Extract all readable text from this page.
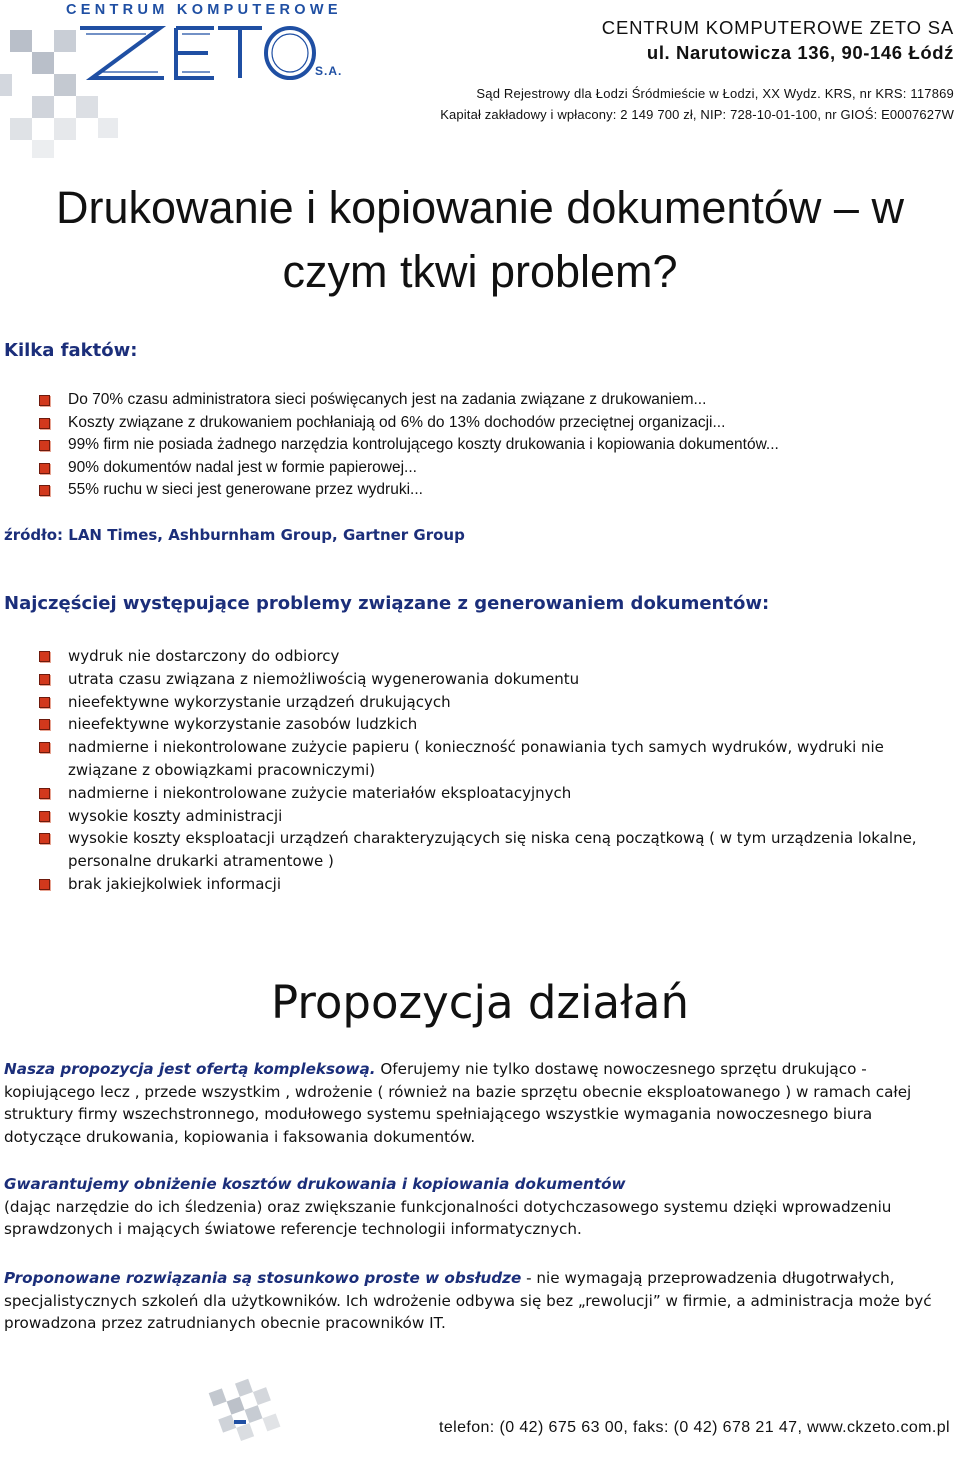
CENTRUM KOMPUTEROWE
S.A.
CENTRUM KOMPUTEROWE ZETO SA
ul. Narutowicza 136, 90-146 Łódź
Sąd Rejestrowy dla Łodzi Śródmieście w Łodzi, XX Wydz. KRS, nr KRS: 117869
Kapitał zakładowy i wpłacony: 2 149 700 zł, NIP: 728-10-01-100, nr GIOŚ: E0007627W
Drukowanie i kopiowanie dokumentów – w
czym tkwi problem?
Kilka faktów:
Do 70% czasu administratora sieci poświęcanych jest na zadania związane z drukowaniem...
Koszty związane z drukowaniem pochłaniają od 6% do 13% dochodów przeciętnej organizacji...
99% firm nie posiada żadnego narzędzia kontrolującego koszty drukowania i kopiowania dokumentów...
90% dokumentów nadal jest w formie papierowej...
55% ruchu w sieci jest generowane przez wydruki...
źródło: LAN Times, Ashburnham Group, Gartner Group
Najczęściej występujące problemy związane z generowaniem dokumentów:
wydruk nie dostarczony do odbiorcy
utrata czasu związana z niemożliwością wygenerowania dokumentu
nieefektywne wykorzystanie urządzeń drukujących
nieefektywne wykorzystanie zasobów ludzkich
nadmierne i niekontrolowane zużycie papieru ( konieczność ponawiania tych samych wydruków, wydruki nie związane z obowiązkami pracowniczymi)
nadmierne i niekontrolowane zużycie materiałów eksploatacyjnych
wysokie koszty administracji
wysokie koszty eksploatacji urządzeń charakteryzujących się niska ceną początkową ( w tym urządzenia lokalne, personalne drukarki atramentowe )
brak jakiejkolwiek informacji
Propozycja działań

Nasza propozycja jest ofertą kompleksową. Oferujemy nie tylko dostawę nowoczesnego sprzętu drukująco - kopiującego lecz , przede wszystkim , wdrożenie ( również na bazie sprzętu obecnie eksploatowanego ) w ramach całej struktury firmy wszechstronnego, modułowego systemu spełniającego wszystkie wymagania nowoczesnego biura dotyczące drukowania, kopiowania i faksowania dokumentów.

Gwarantujemy obniżenie kosztów drukowania i kopiowania dokumentów
(dając narzędzie do ich śledzenia) oraz zwiększanie funkcjonalności dotychczasowego systemu dzięki wprowadzeniu sprawdzonych i mających światowe referencje technologii informatycznych.

Proponowane rozwiązania są stosunkowo proste w obsłudze - nie wymagają przeprowadzenia długotrwałych, specjalistycznych szkoleń dla użytkowników. Ich wdrożenie odbywa się bez „rewolucji” w firmie, a administracja może być prowadzona przez zatrudnianych obecnie pracowników IT.

telefon: (0 42) 675 63 00, faks: (0 42) 678 21 47, www.ckzeto.com.pl
